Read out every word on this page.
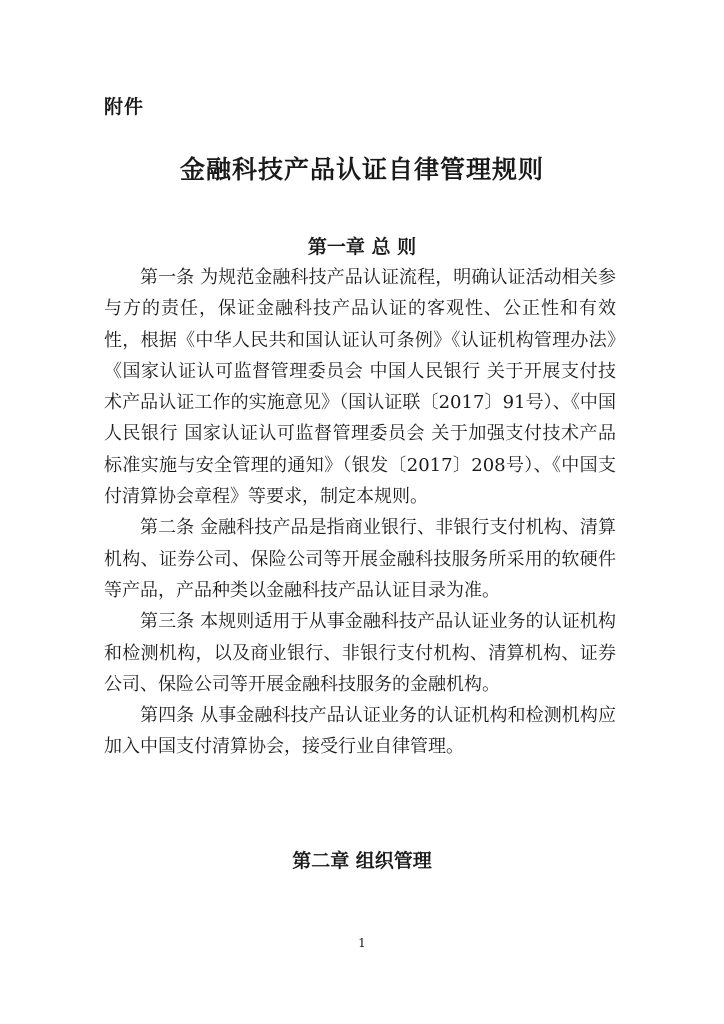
附件
金融科技产品认证自律管理规则
第一章 总 则

第一条 为规范金融科技产品认证流程，明确认证活动相关参与方的责任，保证金融科技产品认证的客观性、公正性和有效性，根据《中华人民共和国认证认可条例》《认证机构管理办法》《国家认证认可监督管理委员会 中国人民银行 关于开展支付技术产品认证工作的实施意见》（国认证联〔2017〕91号）、《中国人民银行 国家认证认可监督管理委员会 关于加强支付技术产品标准实施与安全管理的通知》（银发〔2017〕208号）、《中国支付清算协会章程》等要求，制定本规则。

第二条 金融科技产品是指商业银行、非银行支付机构、清算机构、证券公司、保险公司等开展金融科技服务所采用的软硬件等产品，产品种类以金融科技产品认证目录为准。

第三条 本规则适用于从事金融科技产品认证业务的认证机构和检测机构，以及商业银行、非银行支付机构、清算机构、证券公司、保险公司等开展金融科技服务的金融机构。

第四条 从事金融科技产品认证业务的认证机构和检测机构应加入中国支付清算协会，接受行业自律管理。

第二章 组织管理
1
